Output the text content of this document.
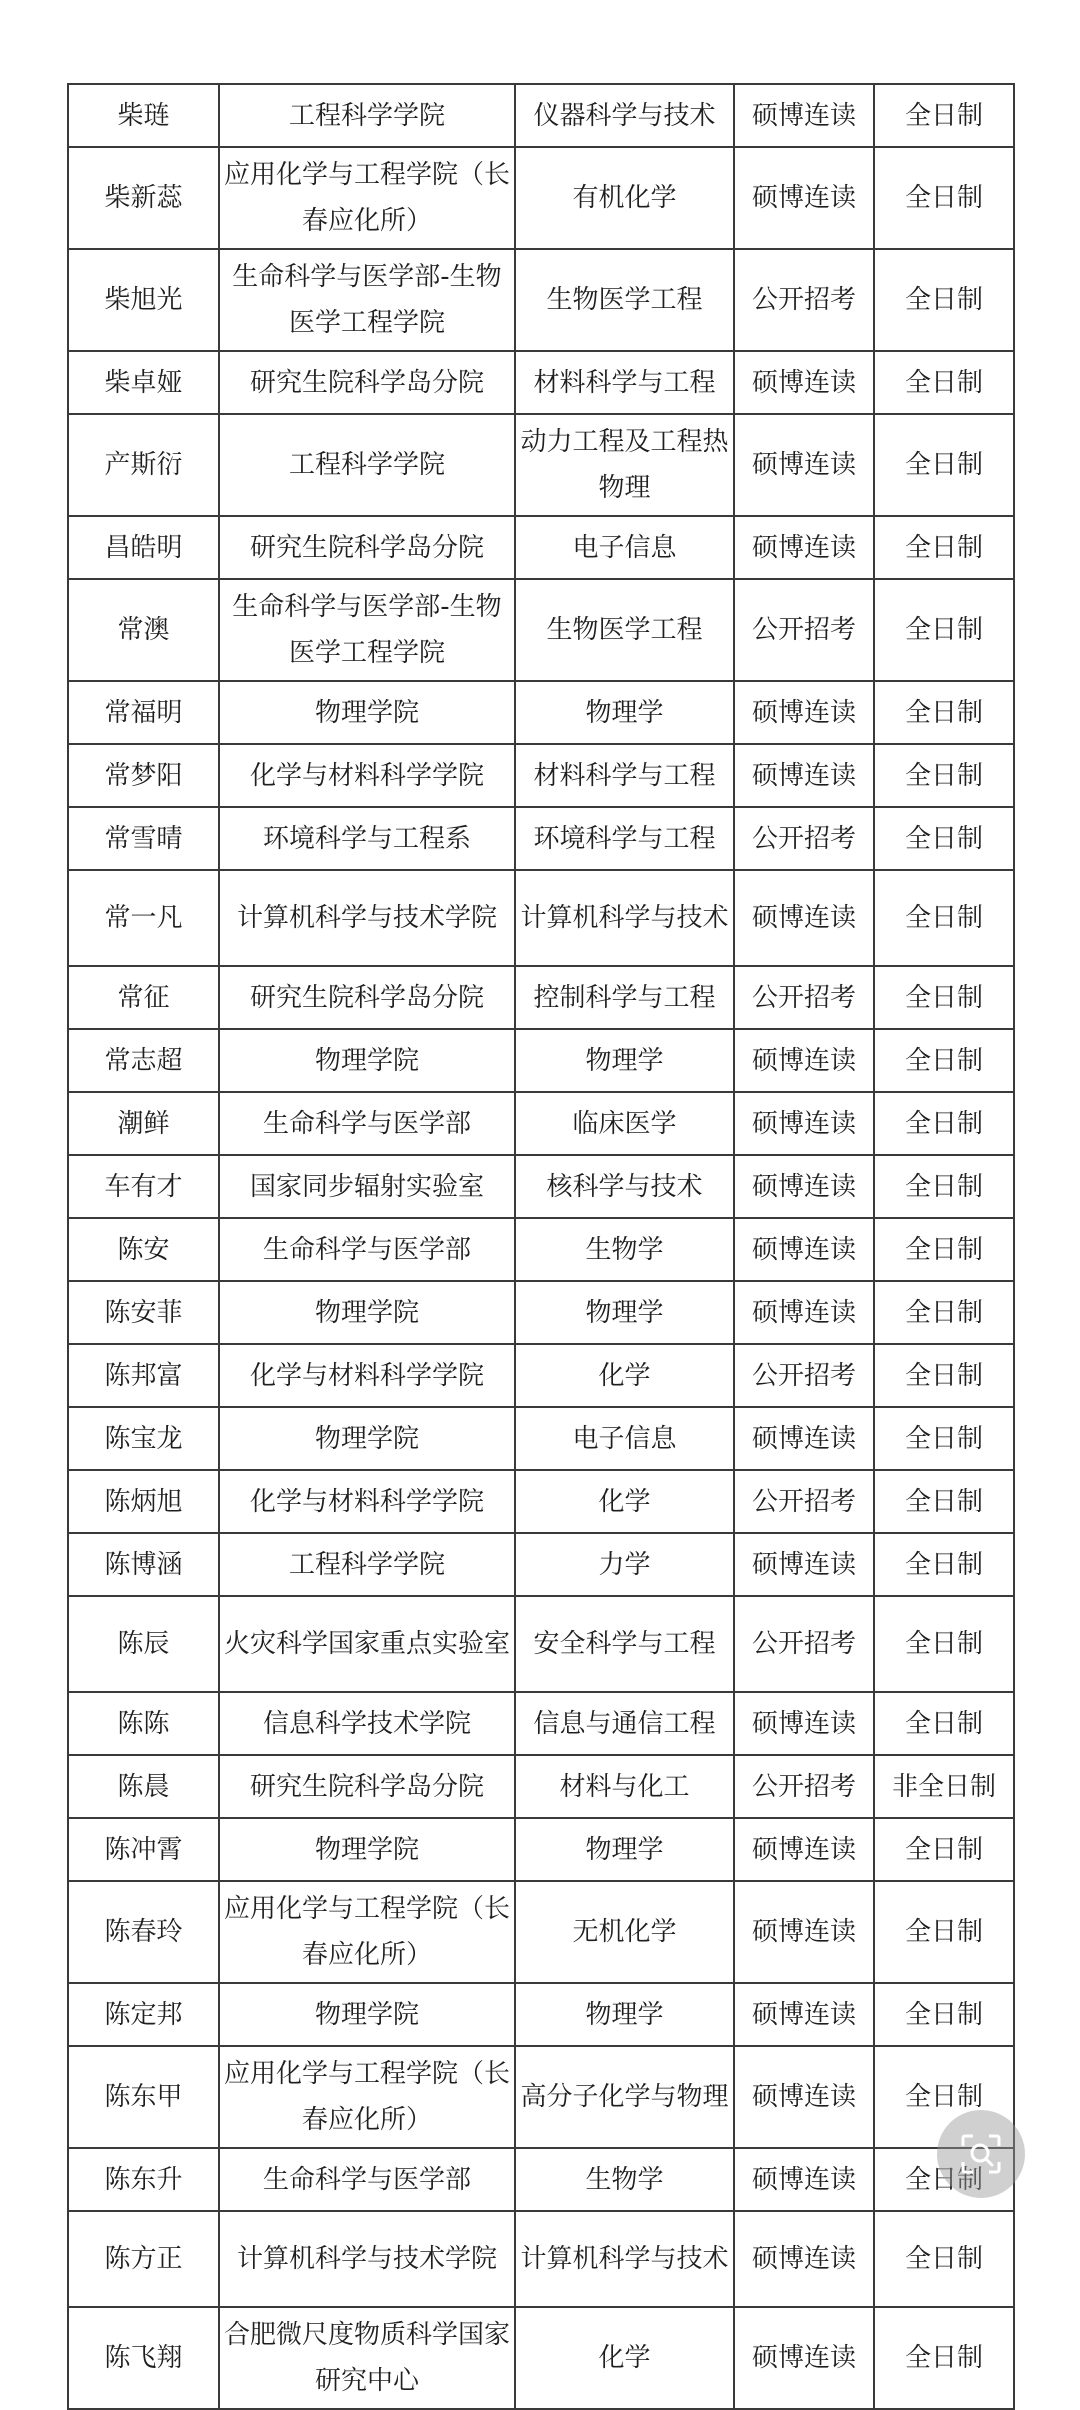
柴琏	工程科学学院	仪器科学与技术	硕博连读	全日制
柴新蕊	应用化学与工程学院（长春应化所）	有机化学	硕博连读	全日制
柴旭光	生命科学与医学部-生物医学工程学院	生物医学工程	公开招考	全日制
柴卓娅	研究生院科学岛分院	材料科学与工程	硕博连读	全日制
产斯衍	工程科学学院	动力工程及工程热物理	硕博连读	全日制
昌皓明	研究生院科学岛分院	电子信息	硕博连读	全日制
常澳	生命科学与医学部-生物医学工程学院	生物医学工程	公开招考	全日制
常福明	物理学院	物理学	硕博连读	全日制
常梦阳	化学与材料科学学院	材料科学与工程	硕博连读	全日制
常雪晴	环境科学与工程系	环境科学与工程	公开招考	全日制
常一凡	计算机科学与技术学院	计算机科学与技术	硕博连读	全日制
常征	研究生院科学岛分院	控制科学与工程	公开招考	全日制
常志超	物理学院	物理学	硕博连读	全日制
潮鲜	生命科学与医学部	临床医学	硕博连读	全日制
车有才	国家同步辐射实验室	核科学与技术	硕博连读	全日制
陈安	生命科学与医学部	生物学	硕博连读	全日制
陈安菲	物理学院	物理学	硕博连读	全日制
陈邦富	化学与材料科学学院	化学	公开招考	全日制
陈宝龙	物理学院	电子信息	硕博连读	全日制
陈炳旭	化学与材料科学学院	化学	公开招考	全日制
陈博涵	工程科学学院	力学	硕博连读	全日制
陈辰	火灾科学国家重点实验室	安全科学与工程	公开招考	全日制
陈陈	信息科学技术学院	信息与通信工程	硕博连读	全日制
陈晨	研究生院科学岛分院	材料与化工	公开招考	非全日制
陈冲霄	物理学院	物理学	硕博连读	全日制
陈春玲	应用化学与工程学院（长春应化所）	无机化学	硕博连读	全日制
陈定邦	物理学院	物理学	硕博连读	全日制
陈东甲	应用化学与工程学院（长春应化所）	高分子化学与物理	硕博连读	全日制
陈东升	生命科学与医学部	生物学	硕博连读	全日制
陈方正	计算机科学与技术学院	计算机科学与技术	硕博连读	全日制
陈飞翔	合肥微尺度物质科学国家研究中心	化学	硕博连读	全日制
